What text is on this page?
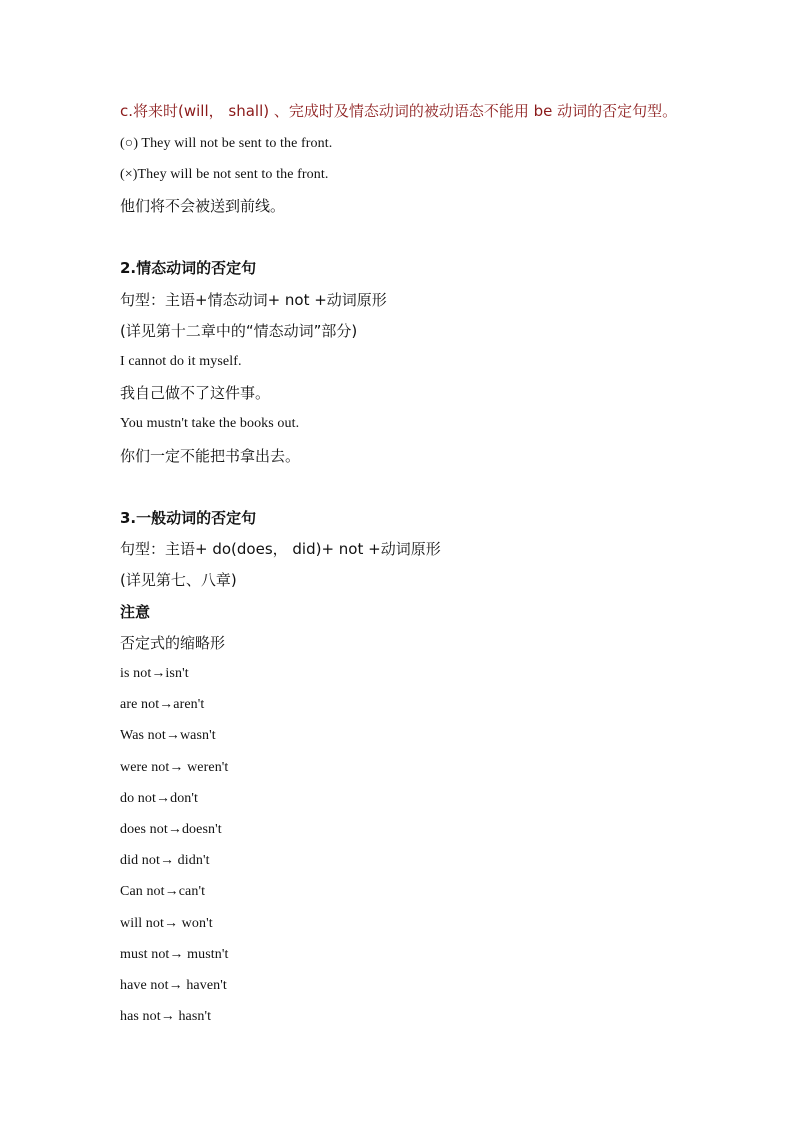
c.将来时(will， shall) 、完成时及情态动词的被动语态不能用 be 动词的否定句型。
(○) They will not be sent to the front.
(×)They will be not sent to the front.
他们将不会被送到前线。
2.情态动词的否定句
句型：主语+情态动词+ not +动词原形
(详见第十二章中的“情态动词”部分)
I cannot do it myself.
我自己做不了这件事。
You mustn't take the books out.
你们一定不能把书拿出去。
3.一般动词的否定句
句型：主语+ do(does， did)+ not +动词原形
(详见第七、八章)
注意
否定式的缩略形
is not→isn't
are not→aren't
Was not→wasn't
were not→ weren't
do not→don't
does not→doesn't
did not→ didn't
Can not→can't
will not→ won't
must not→ mustn't
have not→ haven't
has not→ hasn't
